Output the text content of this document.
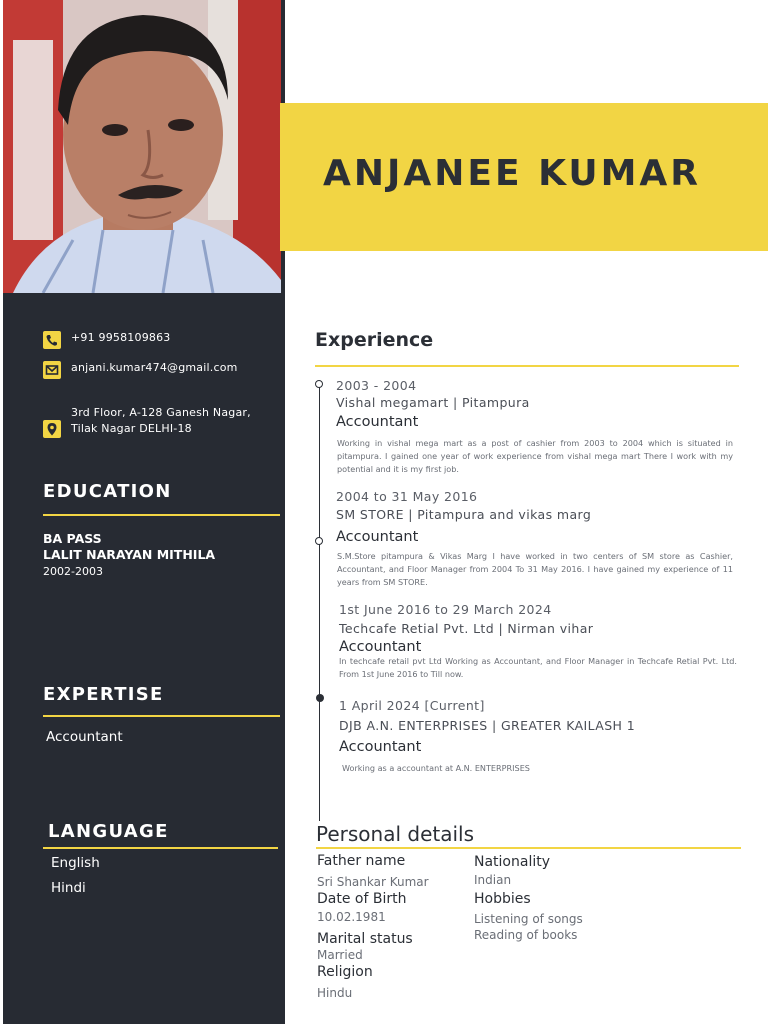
+91 9958109863
anjani.kumar474@gmail.com
3rd Floor, A-128 Ganesh Nagar,
Tilak Nagar DELHI-18
EDUCATION
BA PASS
LALIT NARAYAN MITHILA
2002-2003
EXPERTISE
Accountant
LANGUAGE
English
Hindi
ANJANEE KUMAR
Experience
2003 - 2004
Vishal megamart | Pitampura
Accountant
Working in vishal mega mart as a post of cashier from 2003 to 2004 which is situated in pitampura. I gained one year of work experience from vishal mega mart There I work with my potential and it is my first job.
2004 to 31 May 2016
SM STORE | Pitampura and vikas marg
Accountant
S.M.Store pitampura & Vikas Marg I have worked in two centers of SM store as Cashier, Accountant, and Floor Manager from 2004 To 31 May 2016. I have gained my experience of 11 years from SM STORE.
1st June 2016 to 29 March 2024
Techcafe Retial Pvt. Ltd | Nirman vihar
Accountant
In techcafe retail pvt Ltd Working as Accountant, and Floor Manager in Techcafe Retial Pvt. Ltd. From 1st June 2016 to Till now.
1 April 2024 [Current]
DJB A.N. ENTERPRISES | GREATER KAILASH 1
Accountant
Working as a accountant at A.N. ENTERPRISES
Personal details
Father name
Sri Shankar Kumar
Date of Birth
10.02.1981
Marital status
Married
Religion
Hindu
Nationality
Indian
Hobbies
Listening of songs
Reading of books
